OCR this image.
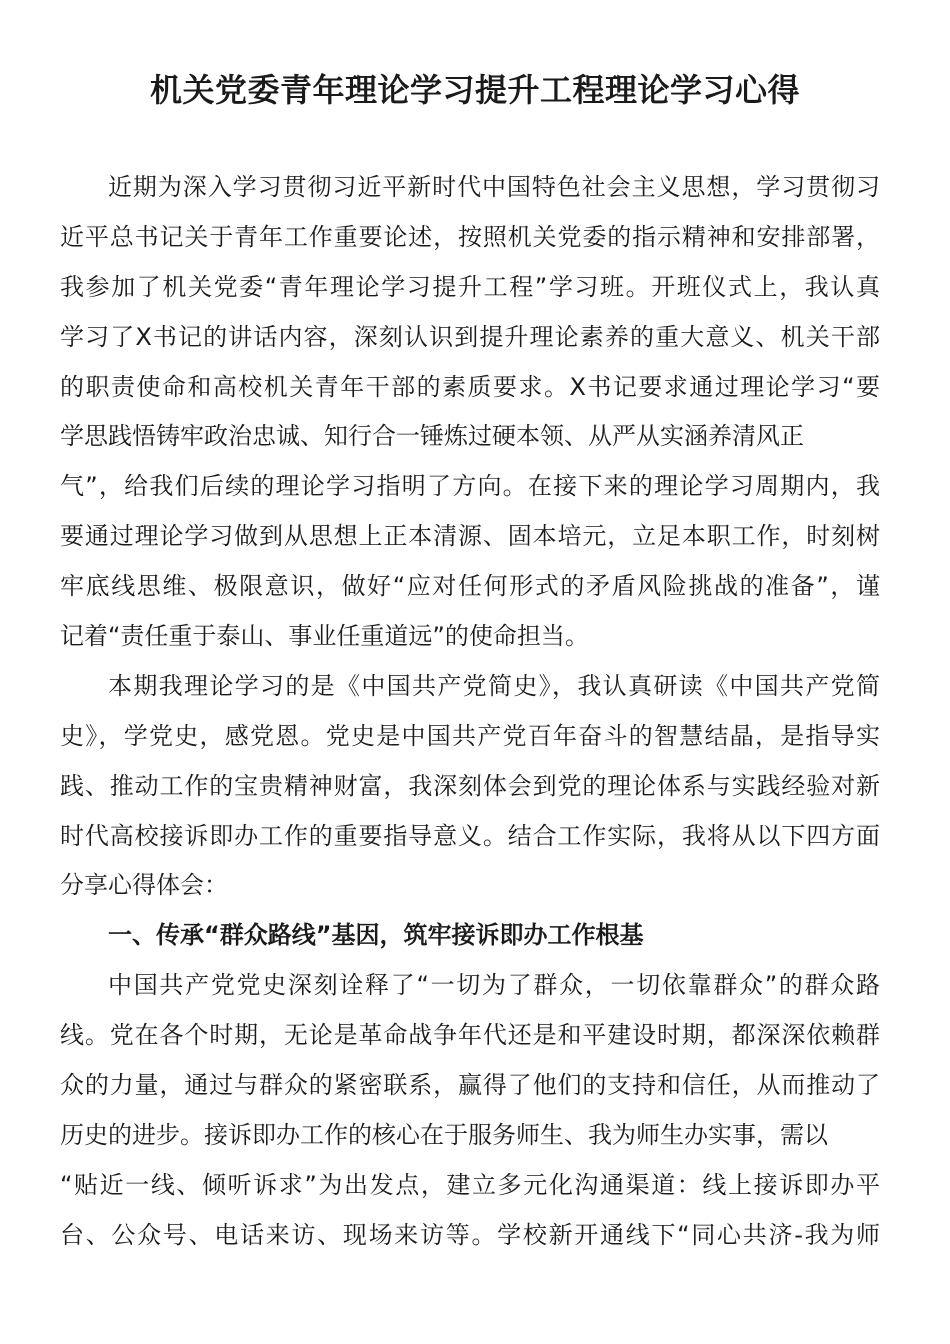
机关党委青年理论学习提升工程理论学习心得
近期为深入学习贯彻习近平新时代中国特色社会主义思想，学习贯彻习
近平总书记关于青年工作重要论述，按照机关党委的指示精神和安排部署，
我参加了机关党委“青年理论学习提升工程”学习班。开班仪式上，我认真
学习了X书记的讲话内容，深刻认识到提升理论素养的重大意义、机关干部
的职责使命和高校机关青年干部的素质要求。X书记要求通过理论学习“要
学思践悟铸牢政治忠诚、知行合一锤炼过硬本领、从严从实涵养清风正
气”，给我们后续的理论学习指明了方向。在接下来的理论学习周期内，我
要通过理论学习做到从思想上正本清源、固本培元，立足本职工作，时刻树
牢底线思维、极限意识，做好“应对任何形式的矛盾风险挑战的准备”，谨
记着“责任重于泰山、事业任重道远”的使命担当。
本期我理论学习的是《中国共产党简史》，我认真研读《中国共产党简
史》，学党史，感党恩。党史是中国共产党百年奋斗的智慧结晶，是指导实
践、推动工作的宝贵精神财富，我深刻体会到党的理论体系与实践经验对新
时代高校接诉即办工作的重要指导意义。结合工作实际，我将从以下四方面
分享心得体会：
一、传承“群众路线”基因，筑牢接诉即办工作根基
中国共产党党史深刻诠释了“一切为了群众，一切依靠群众”的群众路
线。党在各个时期，无论是革命战争年代还是和平建设时期，都深深依赖群
众的力量，通过与群众的紧密联系，赢得了他们的支持和信任，从而推动了
历史的进步。接诉即办工作的核心在于服务师生、我为师生办实事，需以
“贴近一线、倾听诉求”为出发点，建立多元化沟通渠道：线上接诉即办平
台、公众号、电话来访、现场来访等。学校新开通线下“同心共济-我为师
